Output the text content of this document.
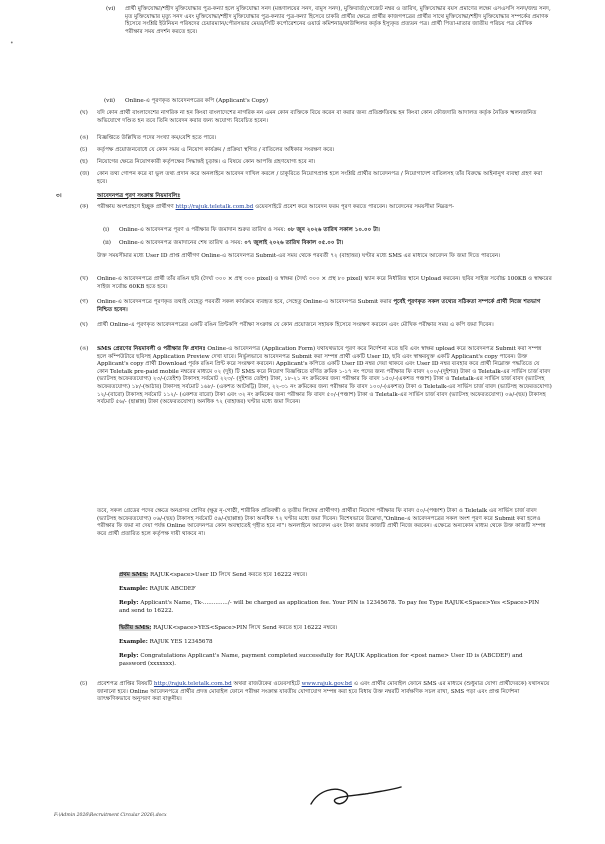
•
(vi) প্রার্থী মুক্তিযোদ্ধা/শহীদ মুক্তিযোদ্ধার পুত্র-কন্যা হলে মুক্তিযোদ্ধা সনদ (মন্ত্রণালয়ের সনদ, বামুস সনদ), মুক্তিবার্তা/গেজেট নম্বর ও তারিখ, মুক্তিযোদ্ধার বয়স প্রমাণের লক্ষ্যে এসএসসি সনদ/জন্ম সনদ, মৃত মুক্তিযোদ্ধার মৃত্যু সনদ এবং মুক্তিযোদ্ধা/শহীদ মুক্তিযোদ্ধার পুত্র-কন্যার পুত্র-কন্যা হিসেবে চাকরি প্রার্থীর ক্ষেত্রে প্রার্থীর কাজগপত্রের প্রার্থীর সাথে মুক্তিযোদ্ধা/শহীদ মুক্তিযোদ্ধার সম্পর্কের প্রমাণক হিসেবে সংশ্লিষ্ট ইউনিয়ন পরিষদের চেয়ারম্যান/পৌরসভার মেয়র/সিটি কর্পোরেশনের ওয়ার্ড কমিশনার/কাউন্সিলর কর্তৃক ইস্যুকৃত প্রত্যয়ন পত্র। প্রার্থী পিতা-মাতার জাতীয় পরিচয় পত্র মৌখিক পরীক্ষার সময় প্রদর্শন করতে হবে।
(vii) Online-এ পূরণকৃত আবেদনপত্রের কপি (Applicant's Copy)
(ঘ) যদি কোন প্রার্থী বাংলাদেশের নাগরিক না হন কিংবা বাংলাদেশের নাগরিক নন এমন কোন ব্যক্তিকে বিয়ে করেন বা করার জন্য প্রতিশ্রুতিবদ্ধ হন কিংবা কোন ফৌজদারি আদালত কর্তৃক নৈতিক স্খলনজনিত অভিযোগে দণ্ডিত হন তবে তিনি আবেদন করার জন্য অযোগ্য বিবেচিত হবেন।
(ঙ) বিজ্ঞপ্তিতে উল্লিখিত পদের সংখ্যা কম/বেশি হতে পারে।
(চ) কর্তৃপক্ষ প্রয়োজনবোধে যে কোন সময় এ নিয়োগ কার্যক্রম / প্রক্রিয়া স্থগিত / বাতিলের অধিকার সংরক্ষণ করে।
(ছ) নিয়োগের ক্ষেত্রে নিয়োগকারী কর্তৃপক্ষের সিদ্ধান্তই চূড়ান্ত। এ বিষয়ে কোন আপত্তি গ্রহণযোগ্য হবে না।
(জ) কোন তথ্য গোপন করে বা ভুল তথ্য প্রদান করে অনলাইনে আবেদন দাখিল করলে / চাকুরিতে নিয়োগপ্রাপ্ত হলে সংশ্লিষ্ট প্রার্থীর আবেদনপত্র / নিয়োগাদেশ বাতিলসহ তাঁর বিরুদ্ধে আইনানুগ ব্যবস্থা গ্রহণ করা হবে।
৩।	আবেদনপত্র পূরণ সংক্রান্ত নিয়মাবলিঃ
(ক) পরীক্ষায় অংশগ্রহণে ইচ্ছুক প্রার্থীগণ http://rajuk.teletalk.com.bd ওয়েবসাইটে প্রবেশ করে আবেদন ফরম পূরণ করতে পারবেন। আবেদনের সময়সীমা নিম্নরূপ-
(i) Online-এ আবেদনপত্র পূরণ ও পরীক্ষার ফি জমাদান শুরুর তারিখ ও সময়: ০৮ জুন ২০২৬ তারিখ সকাল ১০.০০ টা।
(ii) Online-এ আবেদনপত্র জমাদানের শেষ তারিখ ও সময়: ০৭ জুলাই ২০২৬ তারিখ বিকাল ০৫.০০ টা।
উক্ত সময়সীমার মধ্যে User ID প্রাপ্ত প্রার্থীগণ Online-এ আবেদনপত্র Submit-এর সময় থেকে পরবর্তী ৭২ (বাহাত্তর) ঘণ্টার মধ্যে SMS এর মাধ্যমে আবেদন ফি জমা দিতে পারবেন।
(খ) Online-এ আবেদনপত্রে প্রার্থী তাঁর রঙিন ছবি (দৈর্ঘ্য ৩০০ × প্রস্থ ৩০০ pixel) ও স্বাক্ষর (দৈর্ঘ্য ৩০০ × প্রস্থ ৮০ pixel) স্ক্যান করে নির্ধারিত স্থানে Upload করবেন। ছবির সাইজ সর্বোচ্চ 100KB ও স্বাক্ষরের সাইজ সর্বোচ্চ 60KB হতে হবে।
(গ) Online-এ আবেদনপত্রে পূরণকৃত তথ্যই যেহেতু পরবর্তী সকল কার্যক্রমে ব্যবহৃত হবে, সেহেতু Online-এ আবেদনপত্র Submit করার পূর্বেই পূরণকৃত সকল তথ্যের সঠিকতা সম্পর্কে প্রার্থী নিজে শতভাগ নিশ্চিত হবেন।
(ঘ) প্রার্থী Online-এ পূরণকৃত আবেদনপত্রের একটি রঙিন প্রিন্টকপি পরীক্ষা সংক্রান্ত যে কোন প্রয়োজনে সহায়ক হিসেবে সংরক্ষণ করবেন এবং মৌখিক পরীক্ষার সময় এ কপি জমা দিবেন।
(ঙ) SMS প্রেরণের নিয়মাবলী ও পরীক্ষার ফি প্রদানঃ Online-এ আবেদনপত্র (Application Form) যথাযথভাবে পূরণ করে নির্দেশনা মতে ছবি এবং স্বাক্ষর upload করে আবেদনপত্র Submit করা সম্পন্ন হলে কম্পিউটারে ছবিসহ Application Preview দেখা যাবে। নির্ভুলভাবে আবেদনপত্র Submit করা সম্পন্ন প্রার্থী একটি User ID, ছবি এবং স্বাক্ষরযুক্ত একটি Applicant's copy পাবেন। উক্ত Applicant's copy প্রার্থী Download পূর্বক রঙিন প্রিন্ট করে সংরক্ষণ করবেন। Applicant's কপিতে একটি User ID নম্বর দেয়া থাকবে এবং User ID নম্বর ব্যবহার করে প্রার্থী নিম্নোক্ত পদ্ধতিতে যে কোন Teletalk pre-paid mobile নম্বরের মাধ্যমে ০২ (দুই) টি SMS করে নিয়োগ বিজ্ঞপ্তিতে বর্ণিত ক্রমিক ১-১৭ নং পদের জন্য পরীক্ষার ফি বাবদ ২০০/-(দুইশত) টাকা ও Teletalk-এর সার্ভিস চার্জ বাবদ (ভ্যাটসহ অফেরতযোগ্য) ২৩/-(তেইশ) টাকাসহ সর্বমোট ২২৩/- (দুইশত তেইশ) টাকা, ১৮-২১ নং ক্রমিকের জন্য পরীক্ষার ফি বাবদ ১৫০/-(একশত পঞ্চাশ) টাকা ও Teletalk-এর সার্ভিস চার্জ বাবদ (ভ্যাটসহ অফেরতযোগ্য) ১৮/-(আঠার) টাকাসহ সর্বমোট ১৬৮/- (একশত আটষট্টি) টাকা, ২২-৩১ নং ক্রমিকের জন্য পরীক্ষার ফি বাবদ ১০০/-(একশত) টাকা ও Teletalk-এর সার্ভিস চার্জ বাবদ (ভ্যাটসহ অফেরতযোগ্য) ১২/-(বারো) টাকাসহ সর্বমোট ১১২/- (একশত বারো) টাকা এবং ৩২ নং ক্রমিকের জন্য পরীক্ষার ফি বাবদ ৫০/-(পঞ্চাশ) টাকা ও Teletalk-এর সার্ভিস চার্জ বাবদ (ভ্যাটসহ অফেরতযোগ্য) ০৬/-(ছয়) টাকাসহ সর্বমোট ৫৬/- (ছাপ্পান্ন) টাকা (অফেরতযোগ্য) অনধিক ৭২ (বাহাত্তর) ঘণ্টার মধ্যে জমা দিবেন।
তবে, সকল গ্রেডের পদের ক্ষেত্রে অনগ্রসর শ্রেণির (ক্ষুদ্র নৃ-গোষ্ঠী, শারীরিক প্রতিবন্ধী ও তৃতীয় লিঙ্গের প্রার্থীগণ) প্রার্থীরা নিয়োগ পরীক্ষার ফি বাবদ ৫০/-(পঞ্চাশ) টাকা ও Teletalk এর সার্ভিস চার্জ বাবদ (ভ্যাটসহ অফেরতযোগ্য) ০৬/-(ছয়) টাকাসহ সর্বমোট ৫৬/-(ছাপ্পান্ন) টাকা অনধিক ৭২ ঘণ্টার মধ্যে জমা দিবেন। বিশেষভাবে উল্লেখ্য,"Online-এ আবেদনপত্রের সকল অংশ পূরণ করে Submit করা হলেও পরীক্ষার ফি জমা না দেয়া পর্যন্ত Online আবেদনপত্র কোন অবস্থাতেই গৃহীত হবে না"। অনলাইনে আবেদন এবং টাকা জমার কাজটি প্রার্থী নিজে করবেন। এক্ষেত্রে অন্যকোন মাধ্যম থেকে উক্ত কাজটি সম্পন্ন করে প্রার্থী প্রতারিত হলে কর্তৃপক্ষ দায়ী থাকবে না।
প্রথম SMS: RAJUK<space>User ID লিখে Send করতে হবে 16222 নম্বরে।
Example: RAJUK ABCDEF
Reply: Applicant's Name, Tk-............../- will be charged as application fee. Your PIN is 12345678. To pay fee Type RAJUK<Space>Yes <Space>PIN and send to 16222.
দ্বিতীয় SMS: RAJUK<space>YES<Space>PIN লিখে Send করতে হবে 16222 নম্বরে।
Example: RAJUK YES 12345678
Reply: Congratulations Applicant's Name, payment completed successfully for RAJUK Application for <post name> User ID is (ABCDEF) and password (xxxxxxx).
(চ) প্রবেশপত্র প্রাপ্তির বিষয়টি http://rajuk.teletalk.com.bd অথবা রাজউকের ওয়েবসাইটে www.rajuk.gov.bd এ এবং প্রার্থীর মোবাইল ফোনে SMS এর মাধ্যমে (শুধুমাত্র যোগ্য প্রার্থীদেরকে) যথাসময়ে জানানো হবে। Online আবেদনপত্রে প্রার্থীর প্রদত্ত মোবাইল ফোনে পরীক্ষা সংক্রান্ত যাবতীয় যোগাযোগ সম্পন্ন করা হবে বিধায় উক্ত নম্বরটি সার্বক্ষণিক সচল রাখা, SMS পড়া এবং প্রাপ্ত নির্দেশনা তাৎক্ষণিকভাবে অনুসরণ করা বাঞ্ছনীয়।
F:\Admin 2026\Recruitment Circular 2026\.docx
